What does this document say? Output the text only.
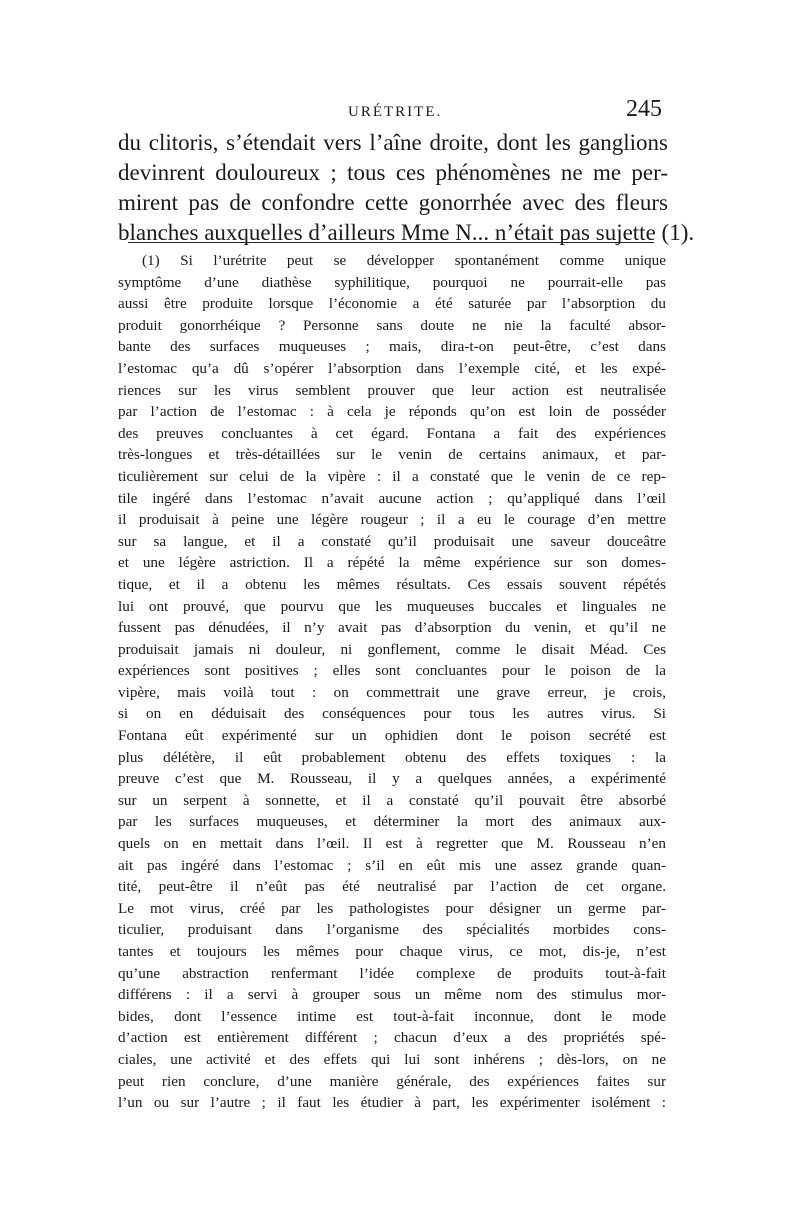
URÉTRITE.	245
du clitoris, s’étendait vers l’aîne droite, dont les ganglions
devinrent douloureux ; tous ces phénomènes ne me per-
mirent pas de confondre cette gonorrhée avec des fleurs
blanches auxquelles d’ailleurs Mme N... n’était pas sujette (1).
(1) Si l’urétrite peut se développer spontanément comme unique
symptôme d’une diathèse syphilitique, pourquoi ne pourrait-elle pas
aussi être produite lorsque l’économie a été saturée par l’absorption du
produit gonorrhéique ? Personne sans doute ne nie la faculté absor-
bante des surfaces muqueuses ; mais, dira-t-on peut-être, c’est dans
l’estomac qu’a dû s’opérer l’absorption dans l’exemple cité, et les expé-
riences sur les virus semblent prouver que leur action est neutralisée
par l’action de l’estomac : à cela je réponds qu’on est loin de posséder
des preuves concluantes à cet égard. Fontana a fait des expériences
très-longues et très-détaillées sur le venin de certains animaux, et par-
ticulièrement sur celui de la vipère : il a constaté que le venin de ce rep-
tile ingéré dans l’estomac n’avait aucune action ; qu’appliqué dans l’œil
il produisait à peine une légère rougeur ; il a eu le courage d’en mettre
sur sa langue, et il a constaté qu’il produisait une saveur douceâtre
et une légère astriction. Il a répété la même expérience sur son domes-
tique, et il a obtenu les mêmes résultats. Ces essais souvent répétés
lui ont prouvé, que pourvu que les muqueuses buccales et linguales ne
fussent pas dénudées, il n’y avait pas d’absorption du venin, et qu’il ne
produisait jamais ni douleur, ni gonflement, comme le disait Méad. Ces
expériences sont positives ; elles sont concluantes pour le poison de la
vipère, mais voilà tout : on commettrait une grave erreur, je crois,
si on en déduisait des conséquences pour tous les autres virus. Si
Fontana eût expérimenté sur un ophidien dont le poison secrété est
plus délétère, il eût probablement obtenu des effets toxiques : la
preuve c’est que M. Rousseau, il y a quelques années, a expérimenté
sur un serpent à sonnette, et il a constaté qu’il pouvait être absorbé
par les surfaces muqueuses, et déterminer la mort des animaux aux-
quels on en mettait dans l’œil. Il est à regretter que M. Rousseau n’en
ait pas ingéré dans l’estomac ; s’il en eût mis une assez grande quan-
tité, peut-être il n’eût pas été neutralisé par l’action de cet organe.
Le mot virus, créé par les pathologistes pour désigner un germe par-
ticulier, produisant dans l’organisme des spécialités morbides cons-
tantes et toujours les mêmes pour chaque virus, ce mot, dis-je, n’est
qu’une abstraction renfermant l’idée complexe de produits tout-à-fait
différens : il a servi à grouper sous un même nom des stimulus mor-
bides, dont l’essence intime est tout-à-fait inconnue, dont le mode
d’action est entièrement différent ; chacun d’eux a des propriétés spé-
ciales, une activité et des effets qui lui sont inhérens ; dès-lors, on ne
peut rien conclure, d’une manière générale, des expériences faites sur
l’un ou sur l’autre ; il faut les étudier à part, les expérimenter isolément :
